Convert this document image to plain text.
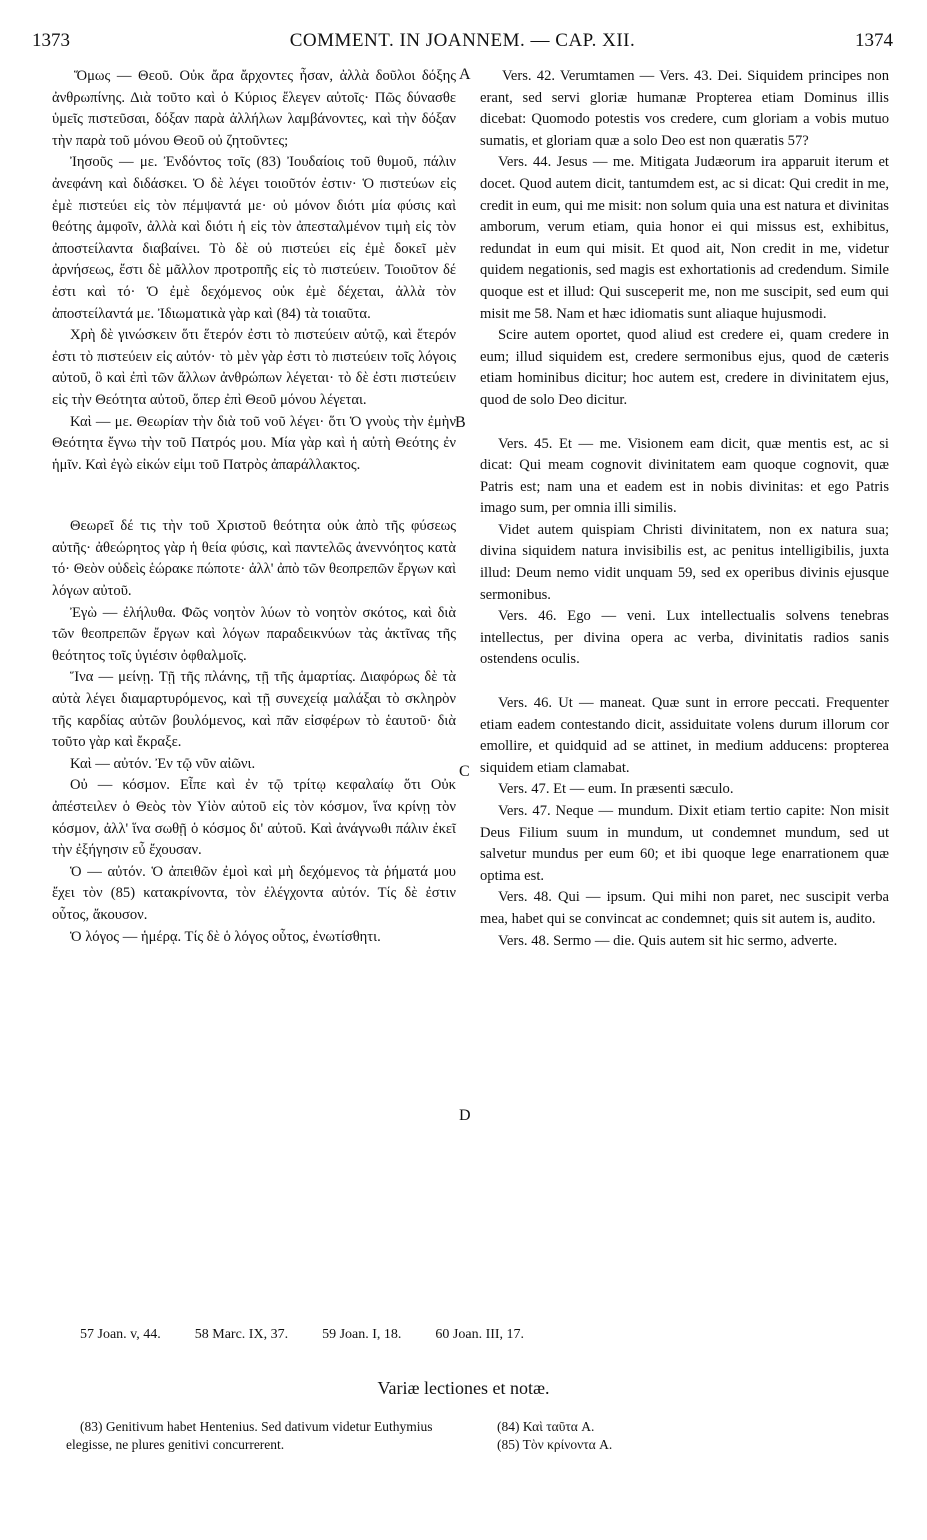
1373	COMMENT. IN JOANNEM. — CAP. XII.	1374

Ὅμως — Θεοῦ. Οὐκ ἄρα ἄρχοντες ἦσαν, ἀλλὰ δοῦλοι δόξης ἀνθρωπίνης. Διὰ τοῦτο καὶ ὁ Κύριος ἔλεγεν αὐτοῖς· Πῶς δύνασθε ὑμεῖς πιστεῦσαι, δόξαν παρὰ ἀλλήλων λαμβάνοντες, καὶ τὴν δόξαν τὴν παρὰ τοῦ μόνου Θεοῦ οὐ ζητοῦντες;

Ἰησοῦς — με. Ἐνδόντος τοῖς (83) Ἰουδαίοις τοῦ θυμοῦ, πάλιν ἀνεφάνη καὶ διδάσκει. Ὁ δὲ λέγει τοιοῦτόν ἐστιν· Ὁ πιστεύων εἰς ἐμὲ πιστεύει εἰς τὸν πέμψαντά με· οὐ μόνον διότι μία φύσις καὶ θεότης ἀμφοῖν, ἀλλὰ καὶ διότι ἡ εἰς τὸν ἀπεσταλμένον τιμὴ εἰς τὸν ἀποστείλαντα διαβαίνει. Τὸ δὲ οὐ πιστεύει εἰς ἐμὲ δοκεῖ μὲν ἀρνήσεως, ἔστι δὲ μᾶλλον προτροπῆς εἰς τὸ πιστεύειν. Τοιοῦτον δέ ἐστι καὶ τό· Ὁ ἐμὲ δεχόμενος οὐκ ἐμὲ δέχεται, ἀλλὰ τὸν ἀποστείλαντά με. Ἰδιωματικὰ γὰρ καὶ (84) τὰ τοιαῦτα.

Χρὴ δὲ γινώσκειν ὅτι ἕτερόν ἐστι τὸ πιστεύειν αὐτῷ, καὶ ἕτερόν ἐστι τὸ πιστεύειν εἰς αὐτόν· τὸ μὲν γὰρ ἐστι τὸ πιστεύειν τοῖς λόγοις αὐτοῦ, ὃ καὶ ἐπὶ τῶν ἄλλων ἀνθρώπων λέγεται· τὸ δὲ ἐστι πιστεύειν εἰς τὴν Θεότητα αὐτοῦ, ὅπερ ἐπὶ Θεοῦ μόνου λέγεται.

Καὶ — με. Θεωρίαν τὴν διὰ τοῦ νοῦ λέγει· ὅτι Ὁ γνοὺς τὴν ἐμὴν Θεότητα ἔγνω τὴν τοῦ Πατρός μου. Μία γὰρ καὶ ἡ αὐτὴ Θεότης ἐν ἡμῖν. Καὶ ἐγὼ εἰκών εἰμι τοῦ Πατρὸς ἀπαράλλακτος.

Θεωρεῖ δέ τις τὴν τοῦ Χριστοῦ θεότητα οὐκ ἀπὸ τῆς φύσεως αὐτῆς· ἀθεώρητος γὰρ ἡ θεία φύσις, καὶ παντελῶς ἀνεννόητος κατὰ τό· Θεὸν οὐδεὶς ἑώρακε πώποτε· ἀλλ' ἀπὸ τῶν θεοπρεπῶν ἔργων καὶ λόγων αὐτοῦ.

Ἐγὼ — ἐλήλυθα. Φῶς νοητὸν λύων τὸ νοητὸν σκότος, καὶ διὰ τῶν θεοπρεπῶν ἔργων καὶ λόγων παραδεικνύων τὰς ἀκτῖνας τῆς θεότητος τοῖς ὑγιέσιν ὀφθαλμοῖς.

Ἵνα — μείνῃ. Τῇ τῆς πλάνης, τῇ τῆς ἁμαρτίας. Διαφόρως δὲ τὰ αὐτὰ λέγει διαμαρτυρόμενος, καὶ τῇ συνεχείᾳ μαλάξαι τὸ σκληρὸν τῆς καρδίας αὐτῶν βουλόμενος, καὶ πᾶν εἰσφέρων τὸ ἑαυτοῦ· διὰ τοῦτο γὰρ καὶ ἔκραξε.

Καὶ — αὐτόν. Ἐν τῷ νῦν αἰῶνι.

Οὐ — κόσμον. Εἶπε καὶ ἐν τῷ τρίτῳ κεφαλαίῳ ὅτι Οὐκ ἀπέστειλεν ὁ Θεὸς τὸν Υἱὸν αὐτοῦ εἰς τὸν κόσμον, ἵνα κρίνῃ τὸν κόσμον, ἀλλ' ἵνα σωθῇ ὁ κόσμος δι' αὐτοῦ. Καὶ ἀνάγνωθι πάλιν ἐκεῖ τὴν ἐξήγησιν εὖ ἔχουσαν.

Ὁ — αὐτόν. Ὁ ἀπειθῶν ἐμοὶ καὶ μὴ δεχόμενος τὰ ῥήματά μου ἔχει τὸν (85) κατακρίνοντα, τὸν ἐλέγχοντα αὐτόν. Τίς δὲ ἐστιν οὗτος, ἄκουσον.

Ὁ λόγος — ἡμέρᾳ. Τίς δὲ ὁ λόγος οὗτος, ἐνωτίσθητι.

Vers. 42. Verumtamen — Vers. 43. Dei. Siquidem principes non erant, sed servi gloriæ humanæ Propterea etiam Dominus illis dicebat: Quomodo potestis vos credere, cum gloriam a vobis mutuo sumatis, et gloriam quæ a solo Deo est non quæratis 57?

Vers. 44. Jesus — me. Mitigata Judæorum ira apparuit iterum et docet. Quod autem dicit, tantumdem est, ac si dicat: Qui credit in me, credit in eum, qui me misit: non solum quia una est natura et divinitas amborum, verum etiam, quia honor ei qui missus est, exhibitus, redundat in eum qui misit. Et quod ait, Non credit in me, videtur quidem negationis, sed magis est exhortationis ad credendum. Simile quoque est et illud: Qui susceperit me, non me suscipit, sed eum qui misit me 58. Nam et hæc idiomatis sunt aliaque hujusmodi.

Scire autem oportet, quod aliud est credere ei, quam credere in eum; illud siquidem est, credere sermonibus ejus, quod de cæteris etiam hominibus dicitur; hoc autem est, credere in divinitatem ejus, quod de solo Deo dicitur.

Vers. 45. Et — me. Visionem eam dicit, quæ mentis est, ac si dicat: Qui meam cognovit divinitatem eam quoque cognovit, quæ Patris est; nam una et eadem est in nobis divinitas: et ego Patris imago sum, per omnia illi similis.

Videt autem quispiam Christi divinitatem, non ex natura sua; divina siquidem natura invisibilis est, ac penitus intelligibilis, juxta illud: Deum nemo vidit unquam 59, sed ex operibus divinis ejusque sermonibus.

Vers. 46. Ego — veni. Lux intellectualis solvens tenebras intellectus, per divina opera ac verba, divinitatis radios sanis ostendens oculis.

Vers. 46. Ut — maneat. Quæ sunt in errore peccati. Frequenter etiam eadem contestando dicit, assiduitate volens durum illorum cor emollire, et quidquid ad se attinet, in medium adducens: propterea siquidem etiam clamabat.

Vers. 47. Et — eum. In præsenti sæculo.

Vers. 47. Neque — mundum. Dixit etiam tertio capite: Non misit Deus Filium suum in mundum, ut condemnet mundum, sed ut salvetur mundus per eum 60; et ibi quoque lege enarrationem quæ optima est.

Vers. 48. Qui — ipsum. Qui mihi non paret, nec suscipit verba mea, habet qui se convincat ac condemnet; quis sit autem is, audito.

Vers. 48. Sermo — die. Quis autem sit hic sermo, adverte.

A
B
C
D
57 Joan. v, 44. 58 Marc. IX, 37. 59 Joan. I, 18. 60 Joan. III, 17.
Variæ lectiones et notæ.

(83) Genitivum habet Hentenius. Sed dativum videtur Euthymius elegisse, ne plures genitivi concurrerent.

(84) Καὶ ταῦτα A.

(85) Τὸν κρίνοντα A.
